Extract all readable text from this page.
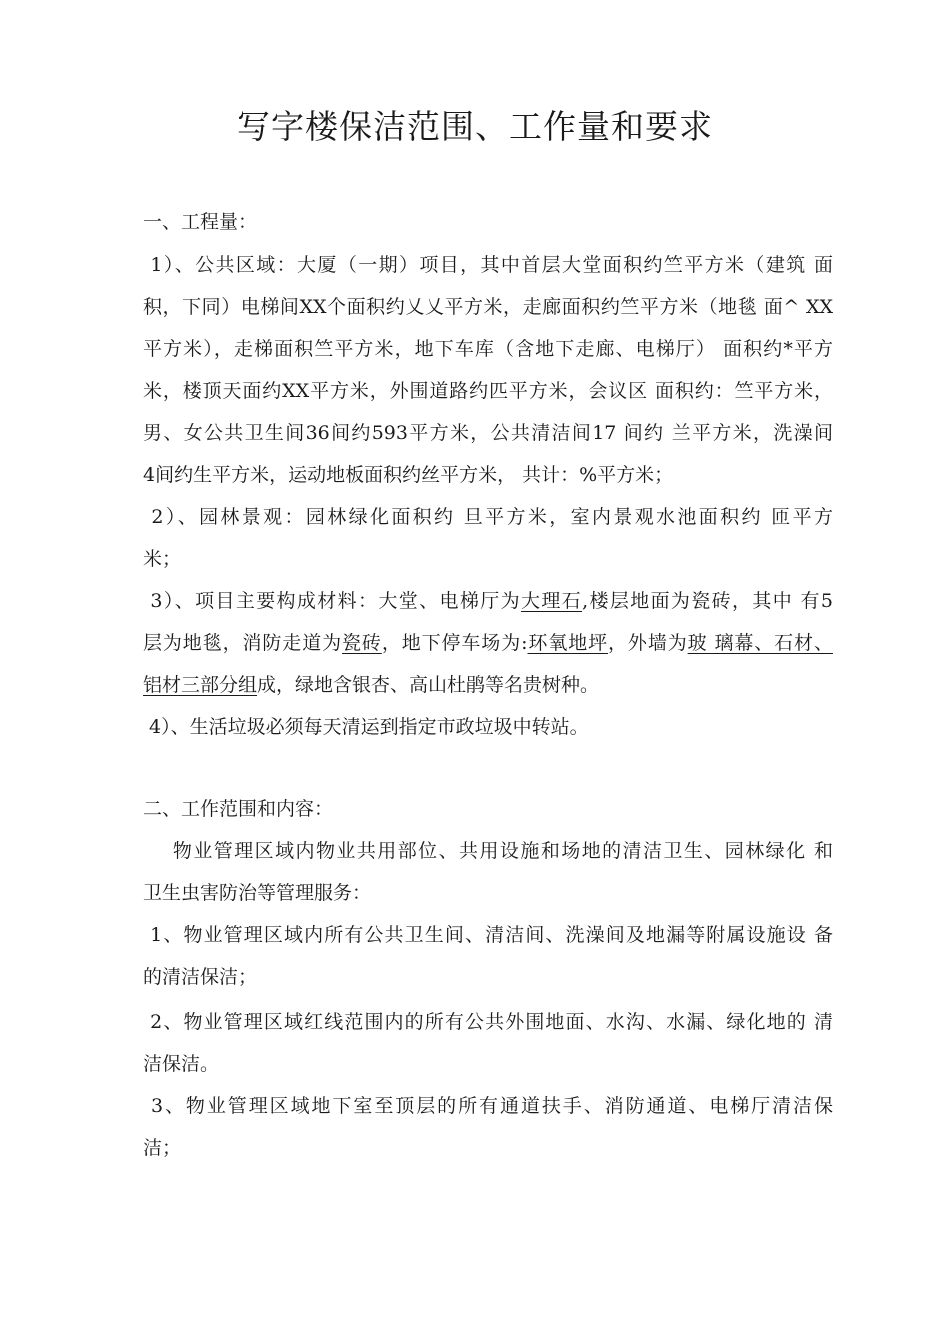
写字楼保洁范围、工作量和要求

一、工程量：

1）、公共区域：大厦（一期）项目，其中首层大堂面积约竺平方米（建筑 面

积，下同）电梯间XX个面积约乂乂平方米，走廊面积约竺平方米（地毯 面^ XX

平方米），走梯面积竺平方米，地下车库（含地下走廊、电梯厅） 面积约*平方

米，楼顶天面约XX平方米，外围道路约匹平方米，会议区 面积约：竺平方米，

男、女公共卫生间36间约593平方米，公共清洁间17 间约 兰平方米，洗澡间

4间约生平方米，运动地板面积约丝平方米， 共计：%平方米；

2）、园林景观：园林绿化面积约 旦平方米，室内景观水池面积约 匝平方

米；

3）、项目主要构成材料：大堂、电梯厅为大理石,楼层地面为瓷砖，其中 有5

层为地毯，消防走道为瓷砖，地下停车场为:环氧地坪，外墙为玻 璃幕、石材、

铝材三部分组成，绿地含银杏、高山杜鹃等名贵树种。

4）、生活垃圾必须每天清运到指定市政垃圾中转站。

二、工作范围和内容：

物业管理区域内物业共用部位、共用设施和场地的清洁卫生、园林绿化 和

卫生虫害防治等管理服务：

1、物业管理区域内所有公共卫生间、清洁间、洗澡间及地漏等附属设施设 备

的清洁保洁；

2、物业管理区域红线范围内的所有公共外围地面、水沟、水漏、绿化地的 清

洁保洁。

3、物业管理区域地下室至顶层的所有通道扶手、消防通道、电梯厅清洁保

洁；
